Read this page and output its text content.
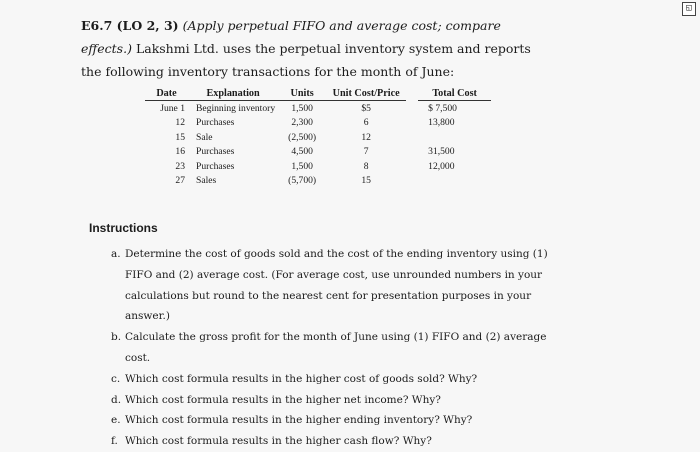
◱
E6.7 (LO 2, 3) (Apply perpetual FIFO and average cost; compare effects.) Lakshmi Ltd. uses the perpetual inventory system and reports the following inventory transactions for the month of June:
Date	Explanation	Units	Unit Cost/Price		Total Cost
June 1	Beginning inventory	1,500	$5		$ 7,500
12	Purchases	2,300	6		13,800
15	Sale	(2,500)	12		
16	Purchases	4,500	7		31,500
23	Purchases	1,500	8		12,000
27	Sales	(5,700)	15		
Instructions
a. Determine the cost of goods sold and the cost of the ending inventory using (1) FIFO and (2) average cost. (For average cost, use unrounded numbers in your calculations but round to the nearest cent for presentation purposes in your answer.)
b. Calculate the gross profit for the month of June using (1) FIFO and (2) average cost.
c. Which cost formula results in the higher cost of goods sold? Why?
d. Which cost formula results in the higher net income? Why?
e. Which cost formula results in the higher ending inventory? Why?
f. Which cost formula results in the higher cash flow? Why?
